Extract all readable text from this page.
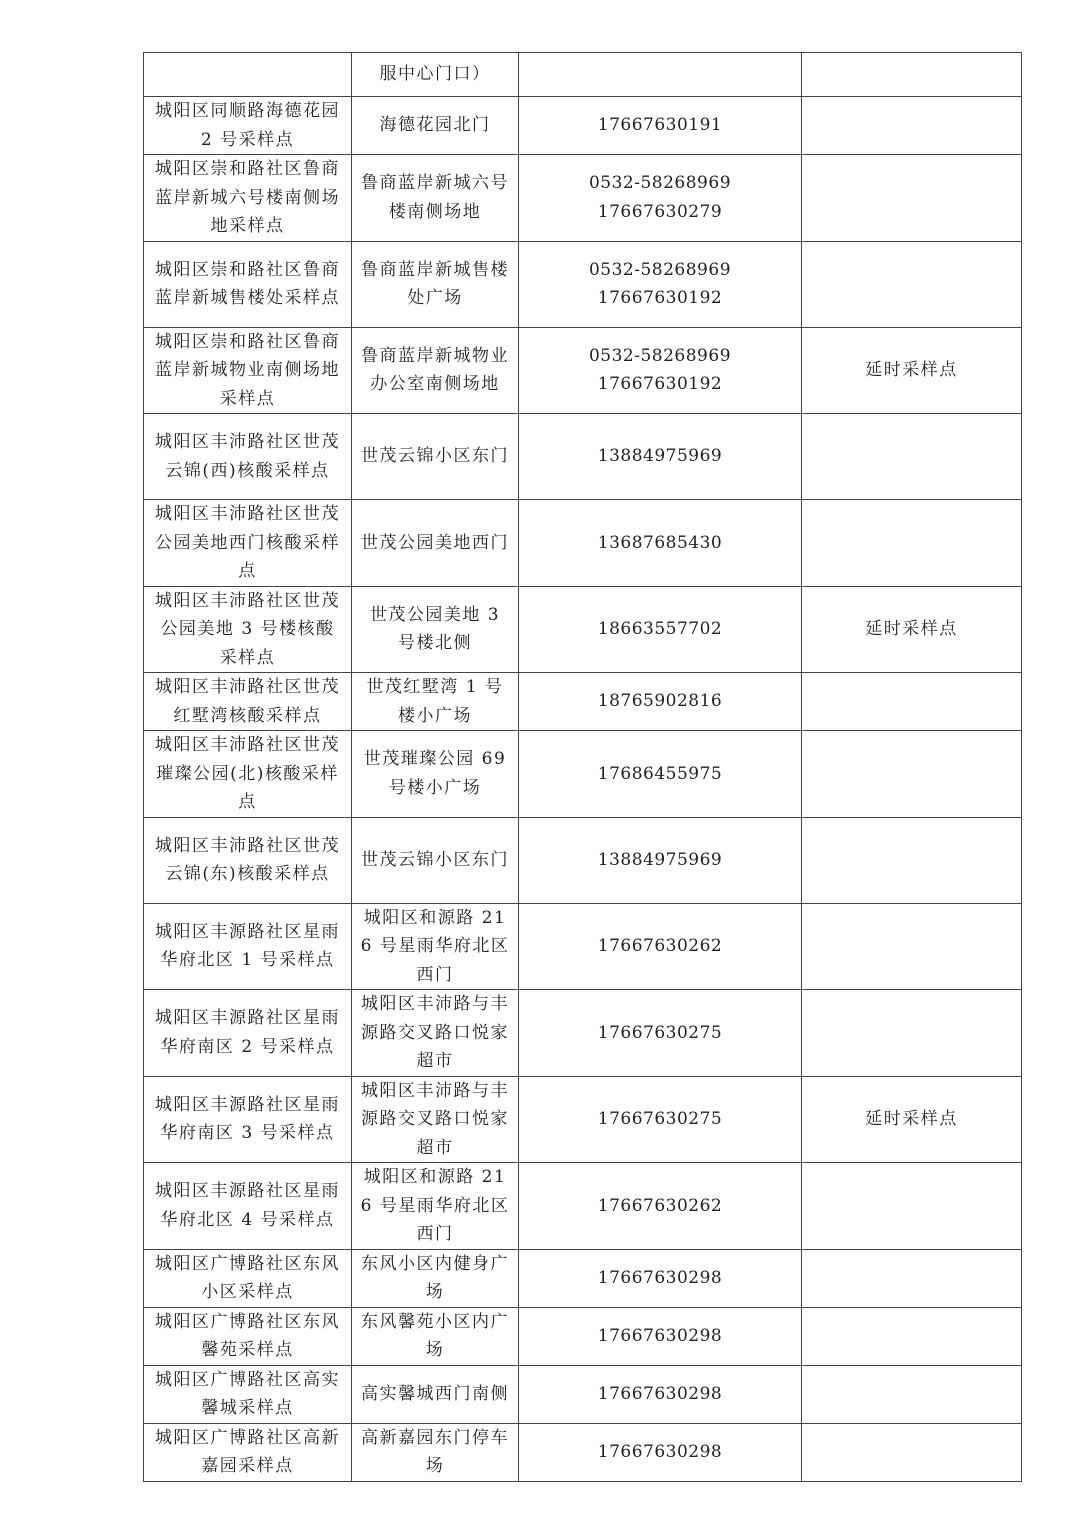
	服中心门口）		

城阳区同顺路海德花园 2 号采样点	海德花园北门	17667630191	

城阳区崇和路社区鲁商蓝岸新城六号楼南侧场地采样点	鲁商蓝岸新城六号楼南侧场地	0532-58268969
17667630279	

城阳区崇和路社区鲁商蓝岸新城售楼处采样点	鲁商蓝岸新城售楼处广场	0532-58268969
17667630192	

城阳区崇和路社区鲁商蓝岸新城物业南侧场地采样点	鲁商蓝岸新城物业办公室南侧场地	0532-58268969
17667630192	延时采样点

城阳区丰沛路社区世茂云锦(西)核酸采样点	世茂云锦小区东门	13884975969	

城阳区丰沛路社区世茂公园美地西门核酸采样点	世茂公园美地西门	13687685430	

城阳区丰沛路社区世茂公园美地 3 号楼核酸采样点	世茂公园美地 3 号楼北侧	18663557702	延时采样点

城阳区丰沛路社区世茂红墅湾核酸采样点	世茂红墅湾 1 号楼小广场	18765902816	

城阳区丰沛路社区世茂璀璨公园(北)核酸采样点	世茂璀璨公园 69 号楼小广场	17686455975	

城阳区丰沛路社区世茂云锦(东)核酸采样点	世茂云锦小区东门	13884975969	

城阳区丰源路社区星雨华府北区 1 号采样点	城阳区和源路 216 号星雨华府北区西门	17667630262	

城阳区丰源路社区星雨华府南区 2 号采样点	城阳区丰沛路与丰源路交叉路口悦家超市	17667630275	

城阳区丰源路社区星雨华府南区 3 号采样点	城阳区丰沛路与丰源路交叉路口悦家超市	17667630275	延时采样点

城阳区丰源路社区星雨华府北区 4 号采样点	城阳区和源路 216 号星雨华府北区西门	17667630262	

城阳区广博路社区东风小区采样点	东风小区内健身广场	17667630298	

城阳区广博路社区东风馨苑采样点	东风馨苑小区内广场	17667630298	

城阳区广博路社区高实馨城采样点	高实馨城西门南侧	17667630298	

城阳区广博路社区高新嘉园采样点	高新嘉园东门停车场	17667630298	
